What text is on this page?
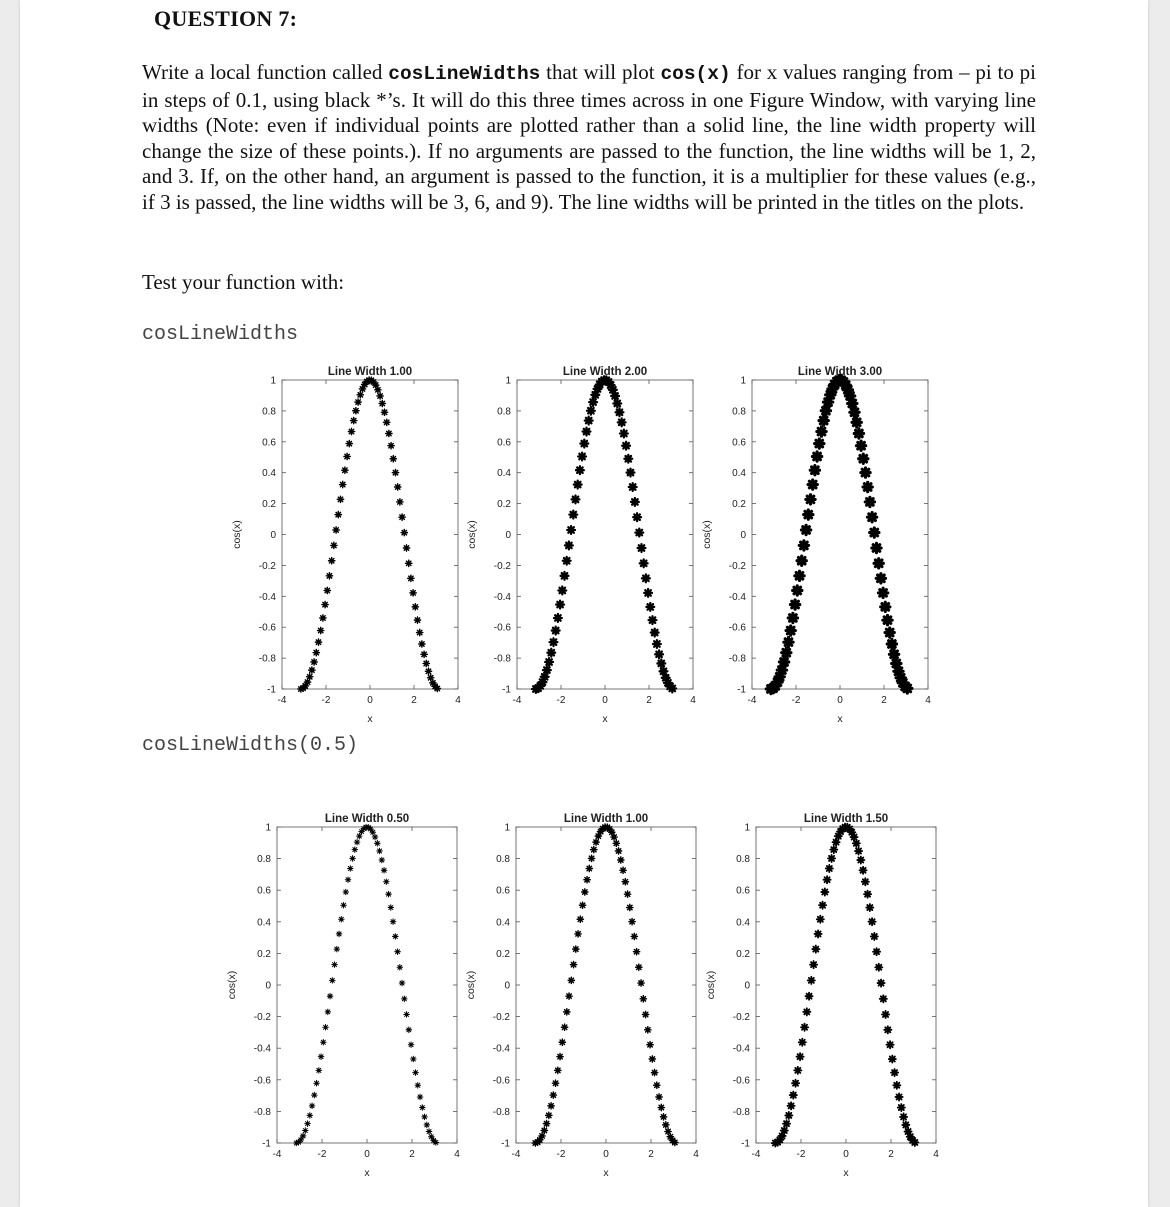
QUESTION 7:

Write a local function called cosLineWidths that will plot cos(x) for x values ranging from – pi to pi in steps of 0.1, using black *’s. It will do this three times across in one Figure Window, with varying line widths (Note: even if individual points are plotted rather than a solid line, the line width property will change the size of these points.). If no arguments are passed to the function, the line widths will be 1, 2, and 3. If, on the other hand, an argument is passed to the function, it is a multiplier for these values (e.g., if 3 is passed, the line widths will be 3, 6, and 9). The line widths will be printed in the titles on the plots.

Test your function with:

cosLineWidths

cosLineWidths(0.5)

-1
-0.8
-0.6
-0.4
-0.2
0
0.2
0.4
0.6
0.8
1
-4	-2	0	2	4
Line Width 1.00
x
cos(x)
-1
-0.8
-0.6
-0.4
-0.2
0
0.2
0.4
0.6
0.8
1
-4	-2	0	2	4
Line Width 2.00
x
cos(x)
-1
-0.8
-0.6
-0.4
-0.2
0
0.2
0.4
0.6
0.8
1
-4	-2	0	2	4
Line Width 3.00
x
cos(x)
-1
-0.8
-0.6
-0.4
-0.2
0
0.2
0.4
0.6
0.8
1
-4	-2	0	2	4
Line Width 0.50
x
cos(x)
-1
-0.8
-0.6
-0.4
-0.2
0
0.2
0.4
0.6
0.8
1
-4	-2	0	2	4
Line Width 1.00
x
cos(x)
-1
-0.8
-0.6
-0.4
-0.2
0
0.2
0.4
0.6
0.8
1
-4	-2	0	2	4
Line Width 1.50
x
cos(x)
